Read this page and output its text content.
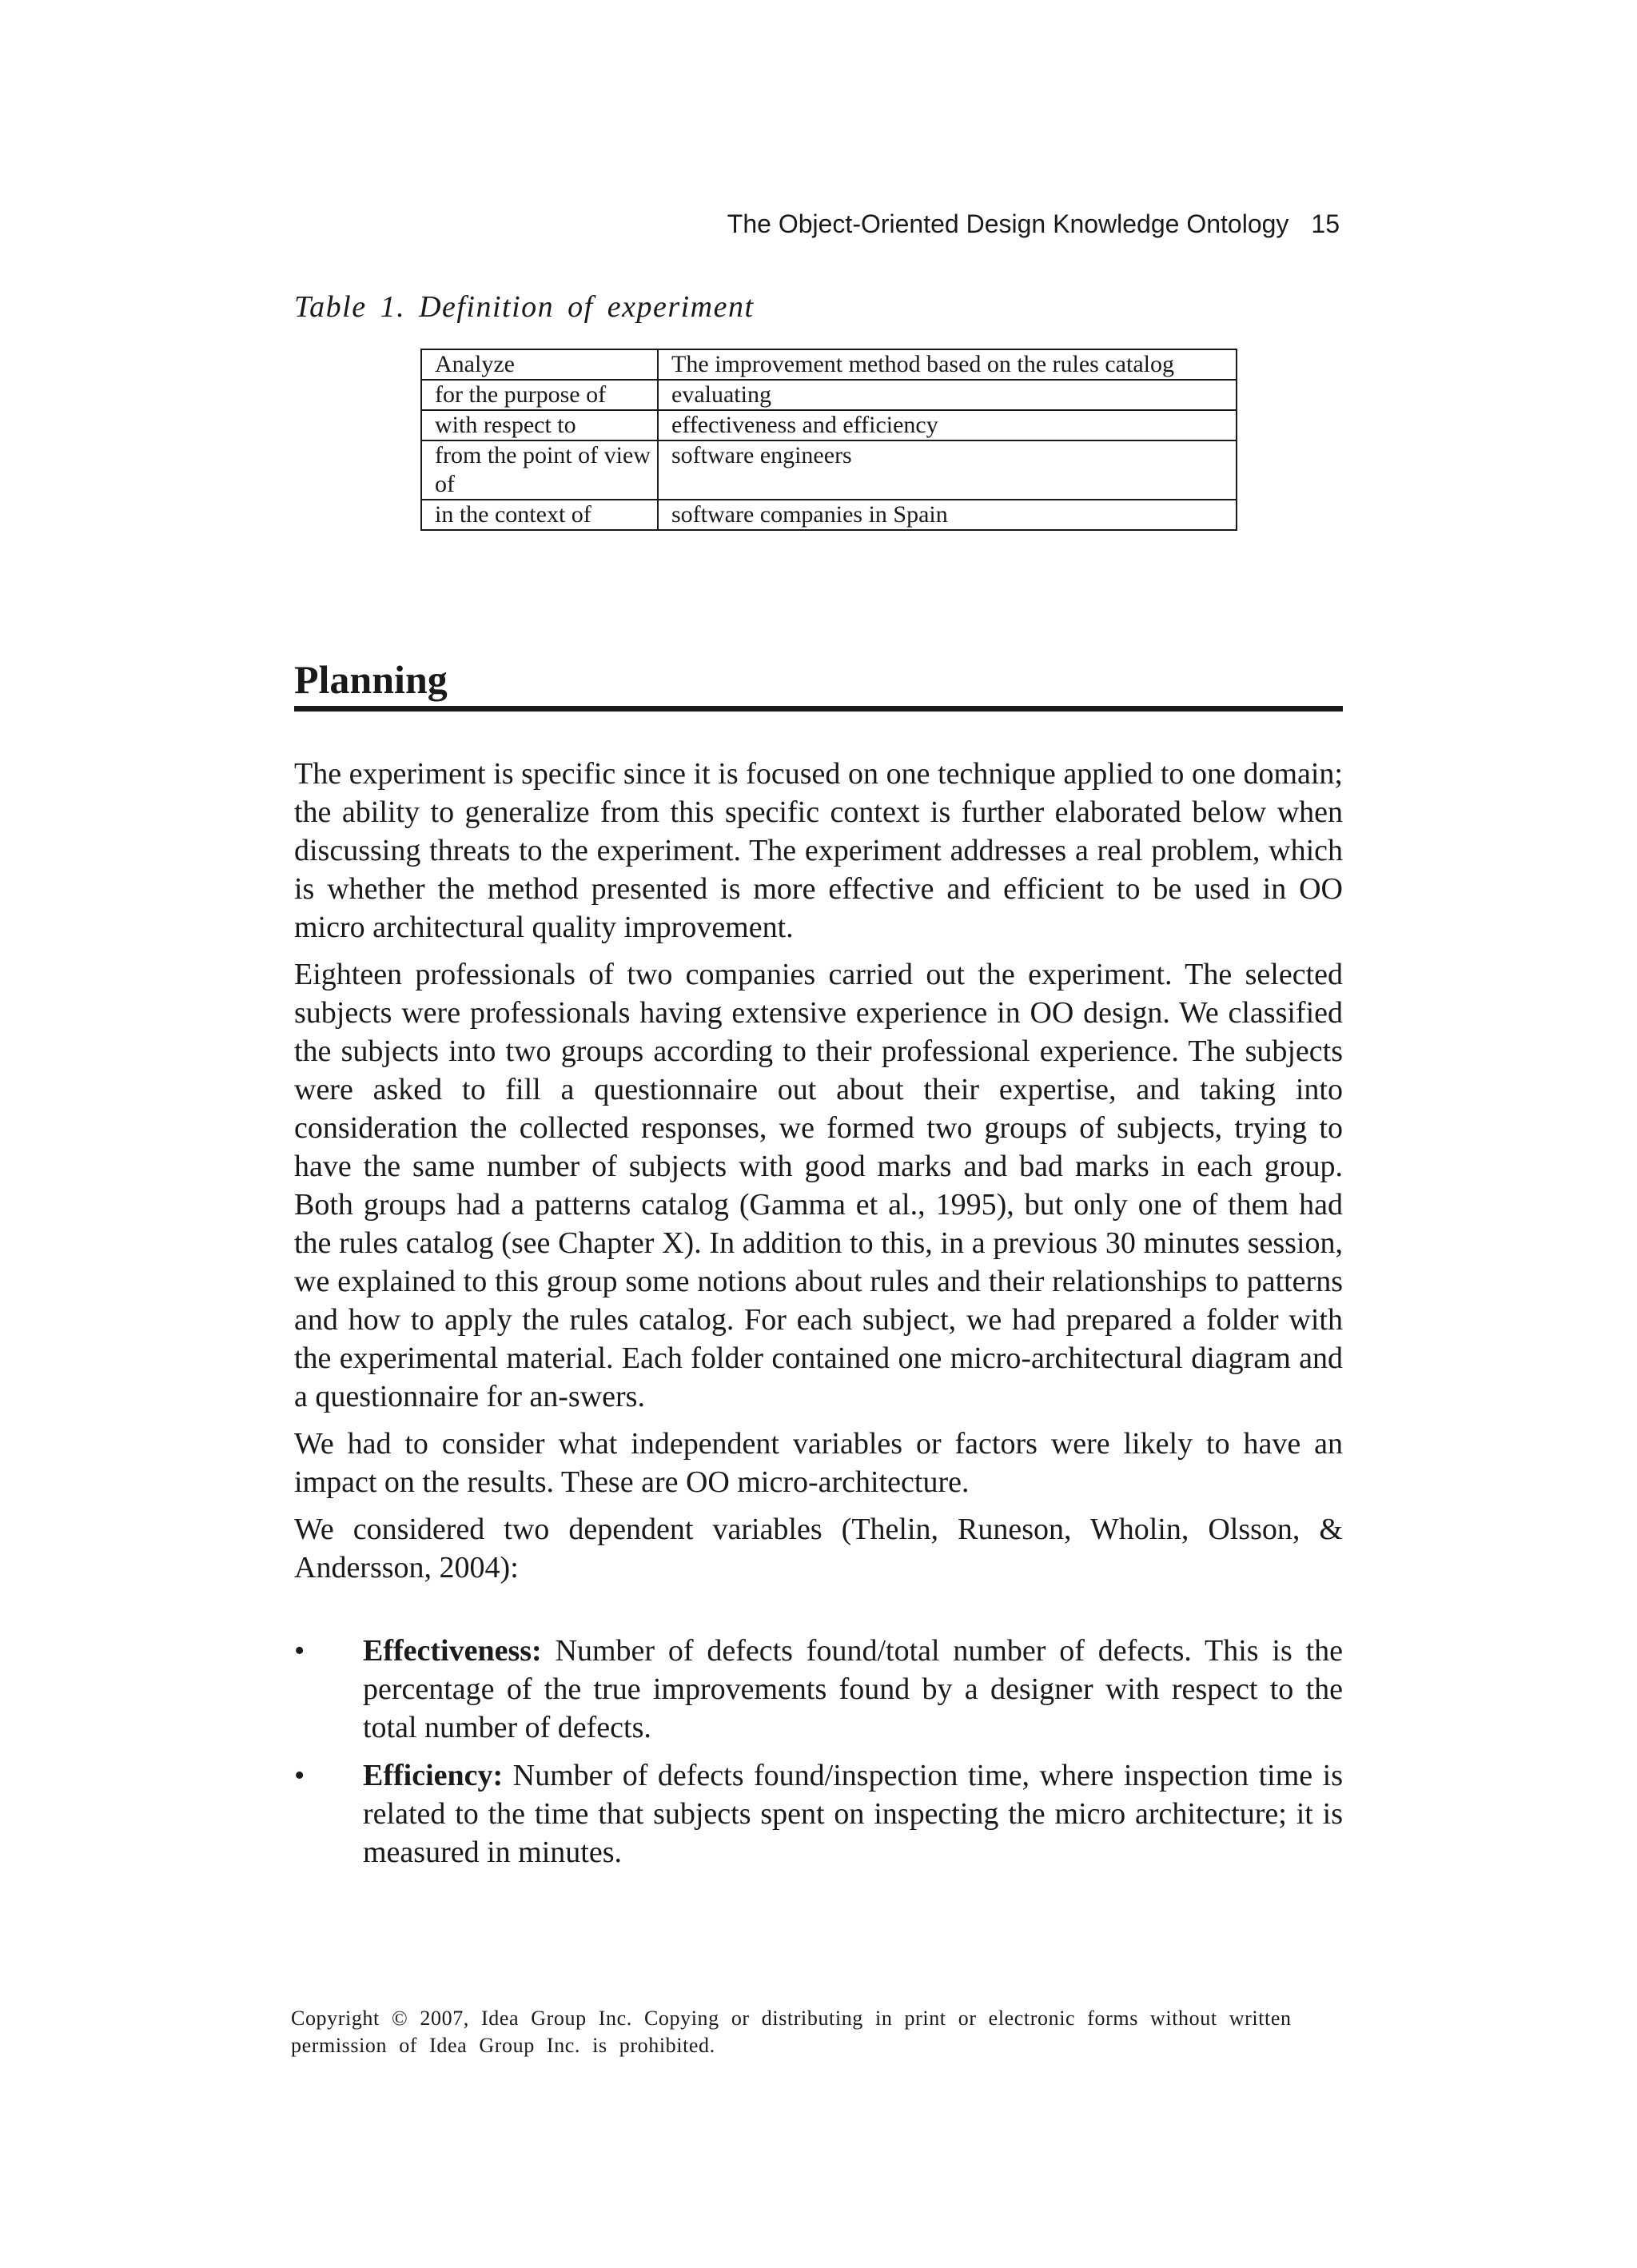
The Object-Oriented Design Knowledge Ontology 15
Table 1. Definition of experiment
Analyze	The improvement method based on the rules catalog
for the purpose of	evaluating
with respect to	effectiveness and efficiency
from the point of view of	software engineers
in the context of	software companies in Spain
Planning

The experiment is specific since it is focused on one technique applied to one domain; the ability to generalize from this specific context is further elaborated below when discussing threats to the experiment. The experiment addresses a real problem, which is whether the method presented is more effective and efficient to be used in OO micro architectural quality improvement.

Eighteen professionals of two companies carried out the experiment. The selected subjects were professionals having extensive experience in OO design. We classified the subjects into two groups according to their professional experience. The subjects were asked to fill a questionnaire out about their expertise, and taking into consideration the collected responses, we formed two groups of subjects, trying to have the same number of subjects with good marks and bad marks in each group. Both groups had a patterns catalog (Gamma et al., 1995), but only one of them had the rules catalog (see Chapter X). In addition to this, in a previous 30 minutes session, we explained to this group some notions about rules and their relationships to patterns and how to apply the rules catalog. For each subject, we had prepared a folder with the experimental material. Each folder contained one micro-architectural diagram and a questionnaire for an-swers.

We had to consider what independent variables or factors were likely to have an impact on the results. These are OO micro-architecture.

We considered two dependent variables (Thelin, Runeson, Wholin, Olsson, & Andersson, 2004):

• Effectiveness: Number of defects found/total number of defects. This is the percentage of the true improvements found by a designer with respect to the total number of defects.
• Efficiency: Number of defects found/inspection time, where inspection time is related to the time that subjects spent on inspecting the micro architecture; it is measured in minutes.
Copyright © 2007, Idea Group Inc. Copying or distributing in print or electronic forms without written permission of Idea Group Inc. is prohibited.
